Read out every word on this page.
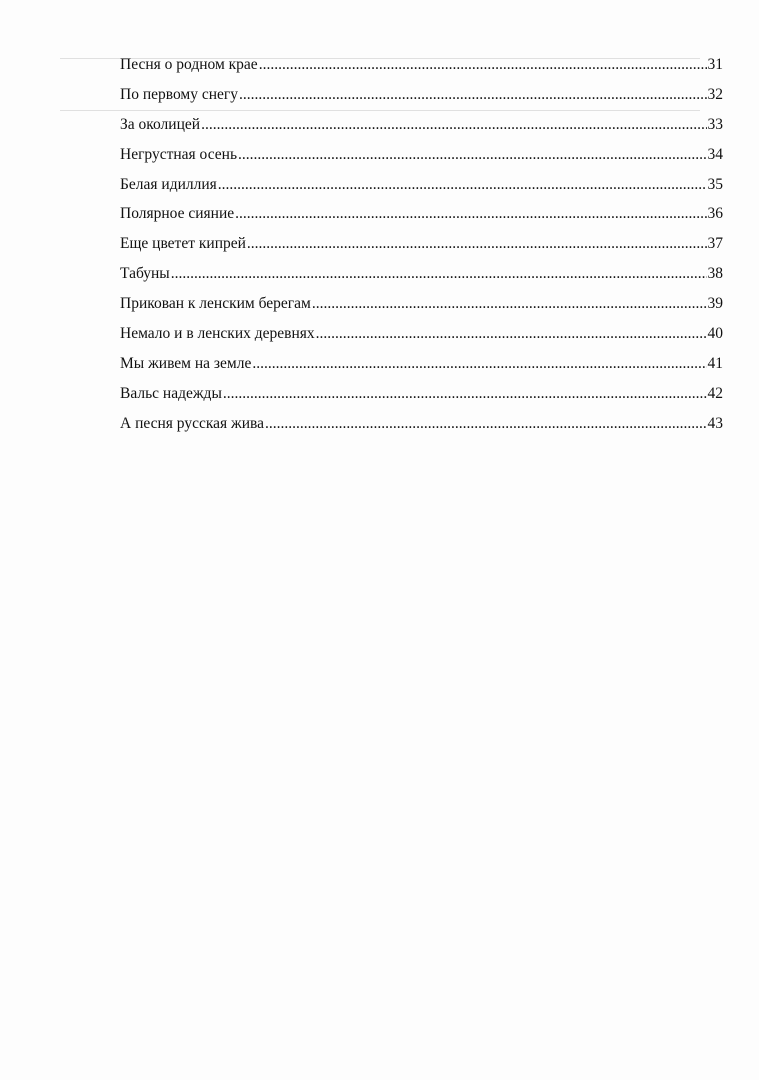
Песня о родном крае .....	31
По первому снегу .....	32
За околицей .....	33
Негрустная осень .....	34
Белая идиллия .....	35
Полярное сияние .....	36
Еще цветет кипрей .....	37
Табуны .....	38
Прикован к ленским берегам .....	39
Немало и в ленских деревнях .....	40
Мы живем на земле .....	41
Вальс надежды .....	42
А песня русская жива .....	43
